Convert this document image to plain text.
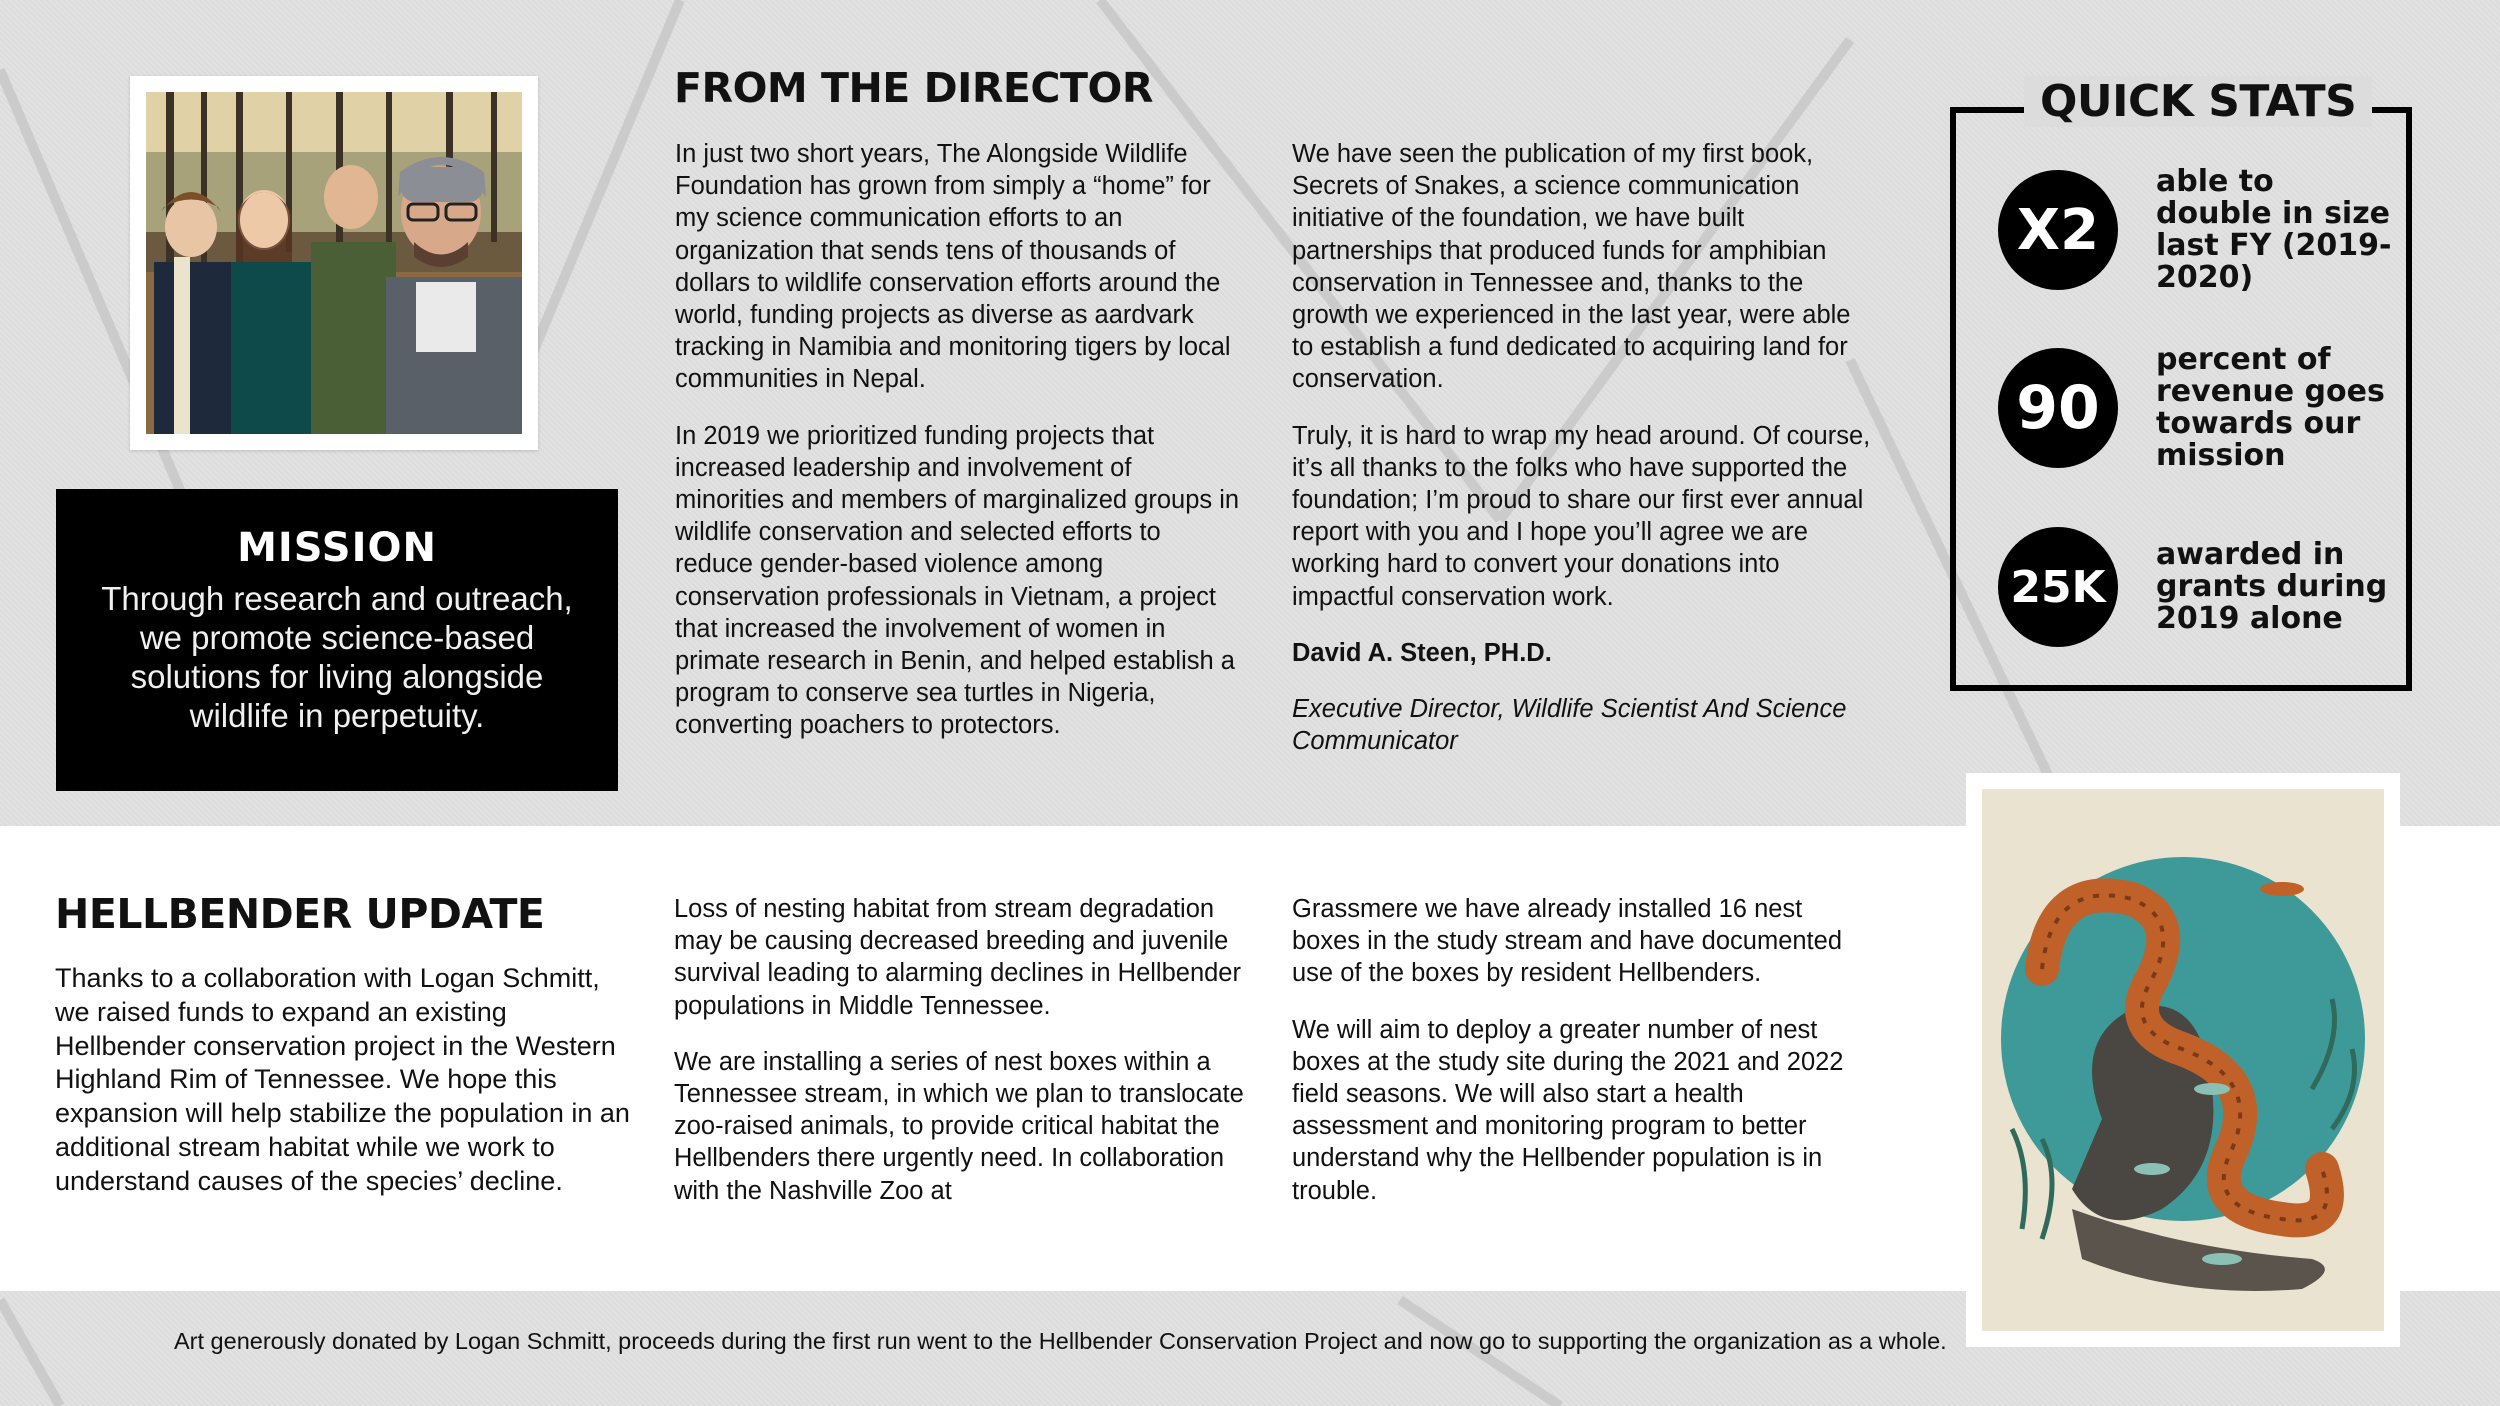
MISSION

Through research and outreach, we promote science-based solutions for living alongside wildlife in perpetuity.

FROM THE DIRECTOR

In just two short years, The Alongside Wildlife Foundation has grown from simply a “home” for my science communication efforts to an organization that sends tens of thousands of dollars to wildlife conservation efforts around the world, funding projects as diverse as aardvark tracking in Namibia and monitoring tigers by local communities in Nepal.

In 2019 we prioritized funding projects that increased leadership and involvement of minorities and members of marginalized groups in wildlife conservation and selected efforts to reduce gender-based violence among conservation professionals in Vietnam, a project that increased the involvement of women in primate research in Benin, and helped establish a program to conserve sea turtles in Nigeria, converting poachers to protectors.

We have seen the publication of my first book, Secrets of Snakes, a science communication initiative of the foundation, we have built partnerships that produced funds for amphibian conservation in Tennessee and, thanks to the growth we experienced in the last year, were able to establish a fund dedicated to acquiring land for conservation.

Truly, it is hard to wrap my head around. Of course, it’s all thanks to the folks who have supported the foundation; I’m proud to share our first ever annual report with you and I hope you’ll agree we are working hard to convert your donations into impactful conservation work.

David A. Steen, PH.D.

Executive Director, Wildlife Scientist And Science Communicator

QUICK STATS
X2
able to double in size last FY (2019-2020)
90
percent of revenue goes towards our mission
25K
awarded in grants during 2019 alone
HELLBENDER UPDATE

Thanks to a collaboration with Logan Schmitt, we raised funds to expand an existing Hellbender conservation project in the Western Highland Rim of Tennessee. We hope this expansion will help stabilize the population in an additional stream habitat while we work to understand causes of the species’ decline.

Loss of nesting habitat from stream degradation may be causing decreased breeding and juvenile survival leading to alarming declines in Hellbender populations in Middle Tennessee.

We are installing a series of nest boxes within a Tennessee stream, in which we plan to translocate zoo-raised animals, to provide critical habitat the Hellbenders there urgently need. In collaboration with the Nashville Zoo at

Grassmere we have already installed 16 nest boxes in the study stream and have documented use of the boxes by resident Hellbenders.

We will aim to deploy a greater number of nest boxes at the study site during the 2021 and 2022 field seasons. We will also start a health assessment and monitoring program to better understand why the Hellbender population is in trouble.

Art generously donated by Logan Schmitt, proceeds during the first run went to the Hellbender Conservation Project and now go to supporting the organization as a whole.
